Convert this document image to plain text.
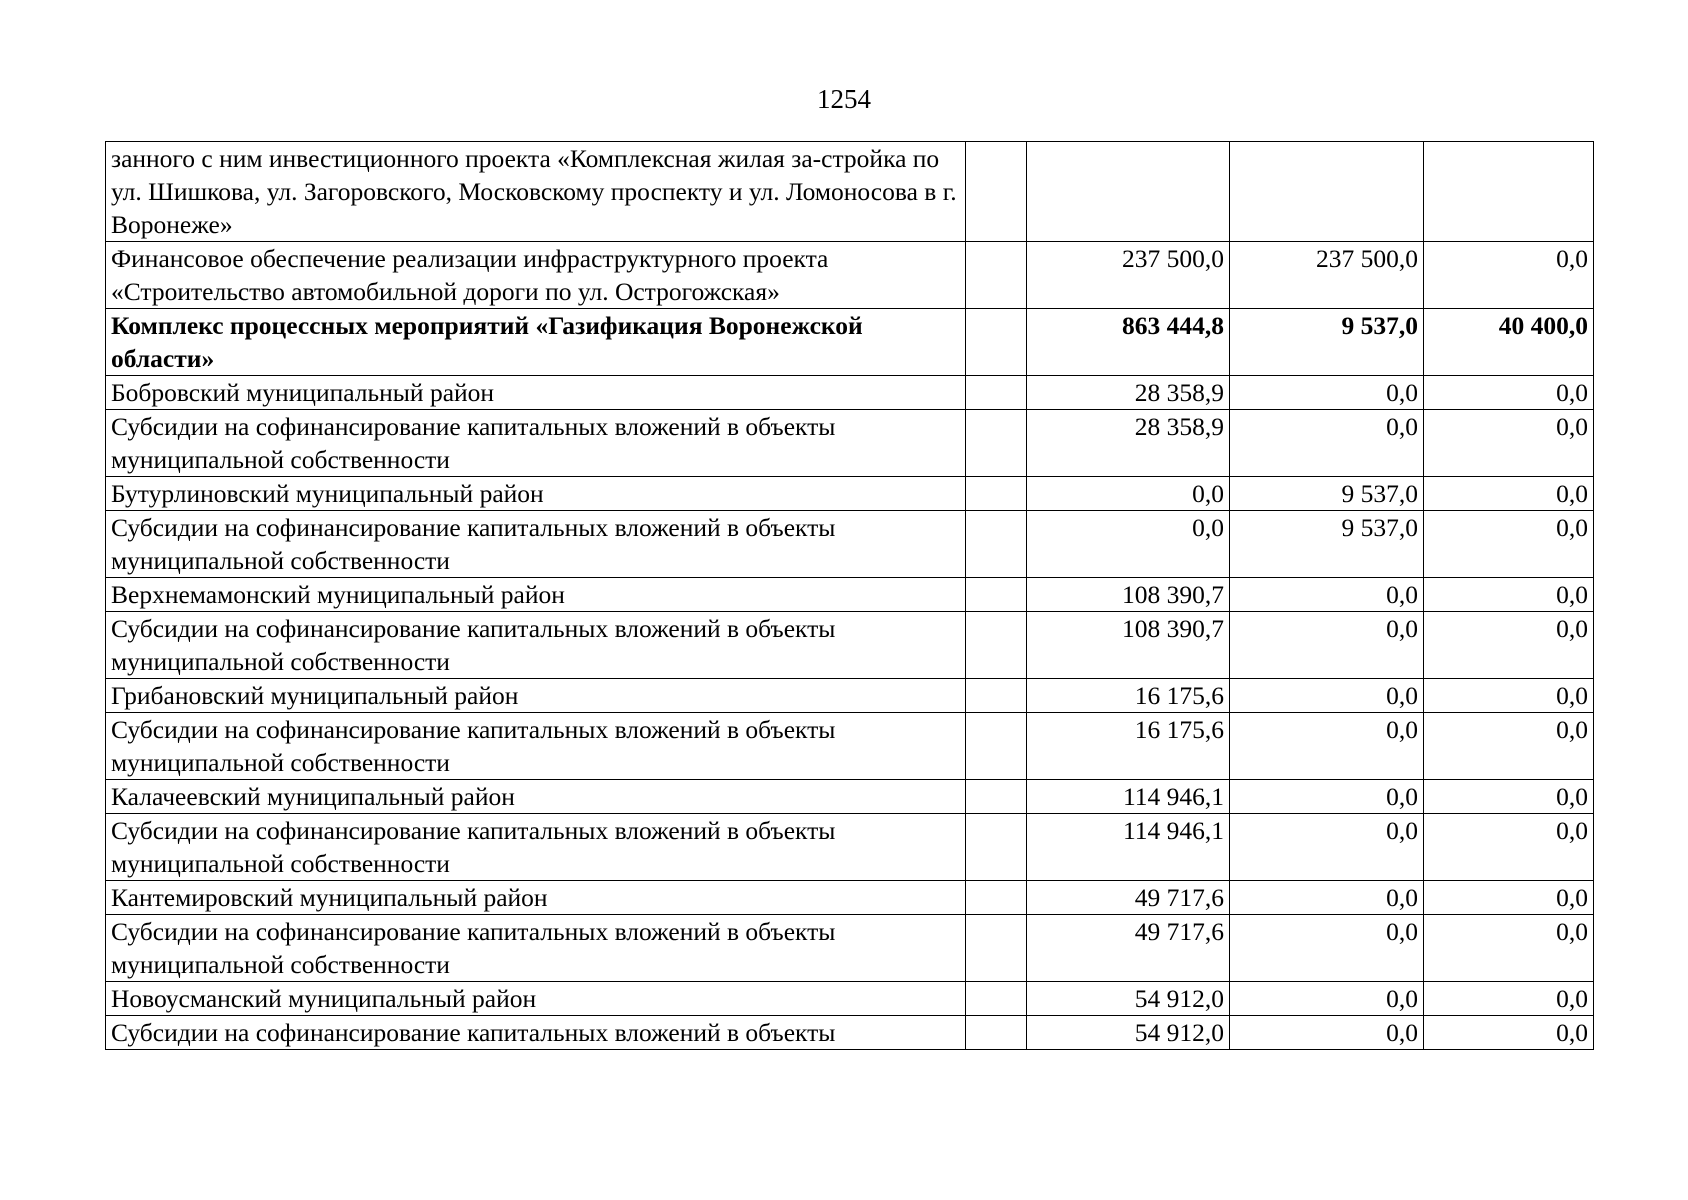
1254
занного с ним инвестиционного проекта «Комплексная жилая за-стройка по ул. Шишкова, ул. Загоровского, Московскому проспекту и ул. Ломоносова в г. Воронеже»				
Финансовое обеспечение реализации инфраструктурного проекта «Строительство автомобильной дороги по ул. Острогожская»		237 500,0	237 500,0	0,0
Комплекс процессных мероприятий «Газификация Воронежской области»		863 444,8	9 537,0	40 400,0
Бобровский муниципальный район		28 358,9	0,0	0,0
Субсидии на софинансирование капитальных вложений в объекты муниципальной собственности		28 358,9	0,0	0,0
Бутурлиновский муниципальный район		0,0	9 537,0	0,0
Субсидии на софинансирование капитальных вложений в объекты муниципальной собственности		0,0	9 537,0	0,0
Верхнемамонский муниципальный район		108 390,7	0,0	0,0
Субсидии на софинансирование капитальных вложений в объекты муниципальной собственности		108 390,7	0,0	0,0
Грибановский муниципальный район		16 175,6	0,0	0,0
Субсидии на софинансирование капитальных вложений в объекты муниципальной собственности		16 175,6	0,0	0,0
Калачеевский муниципальный район		114 946,1	0,0	0,0
Субсидии на софинансирование капитальных вложений в объекты муниципальной собственности		114 946,1	0,0	0,0
Кантемировский муниципальный район		49 717,6	0,0	0,0
Субсидии на софинансирование капитальных вложений в объекты муниципальной собственности		49 717,6	0,0	0,0
Новоусманский муниципальный район		54 912,0	0,0	0,0
Субсидии на софинансирование капитальных вложений в объекты		54 912,0	0,0	0,0
